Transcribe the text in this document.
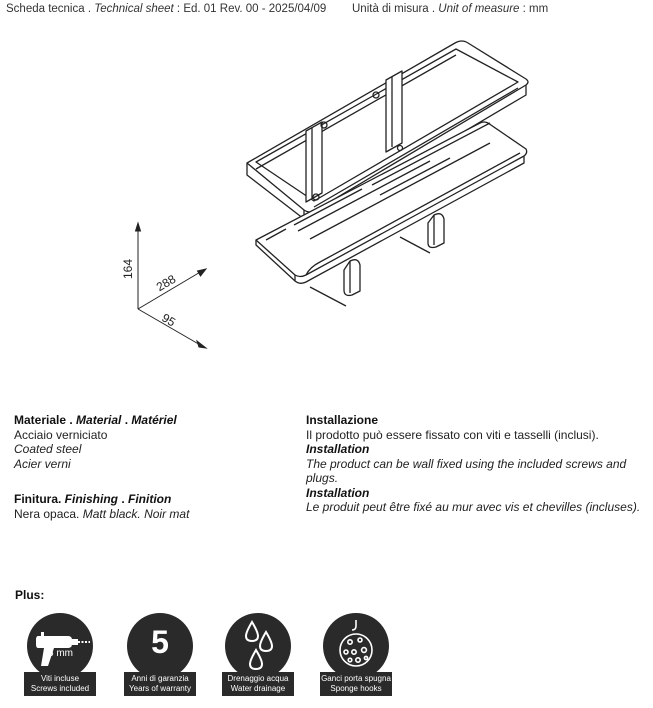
Scheda tecnica . Technical sheet : Ed. 01 Rev. 00 - 2025/04/09 Unità di misura . Unit of measure : mm
164
288
95
Materiale . Material . Matériel
Acciaio verniciato
Coated steel
Acier verni
Finitura. Finishing . Finition
Nera opaca. Matt black. Noir mat
Installazione
Il prodotto può essere fissato con viti e tasselli (inclusi).
Installation
The product can be wall fixed using the included screws and plugs.
Installation
Le produit peut être fixé au mur avec vis et chevilles (incluses).
Plus:
6 mm
Viti incluse
Screws included
5
Anni di garanzia
Years of warranty
Drenaggio acqua
Water drainage
Ganci porta spugna
Sponge hooks
